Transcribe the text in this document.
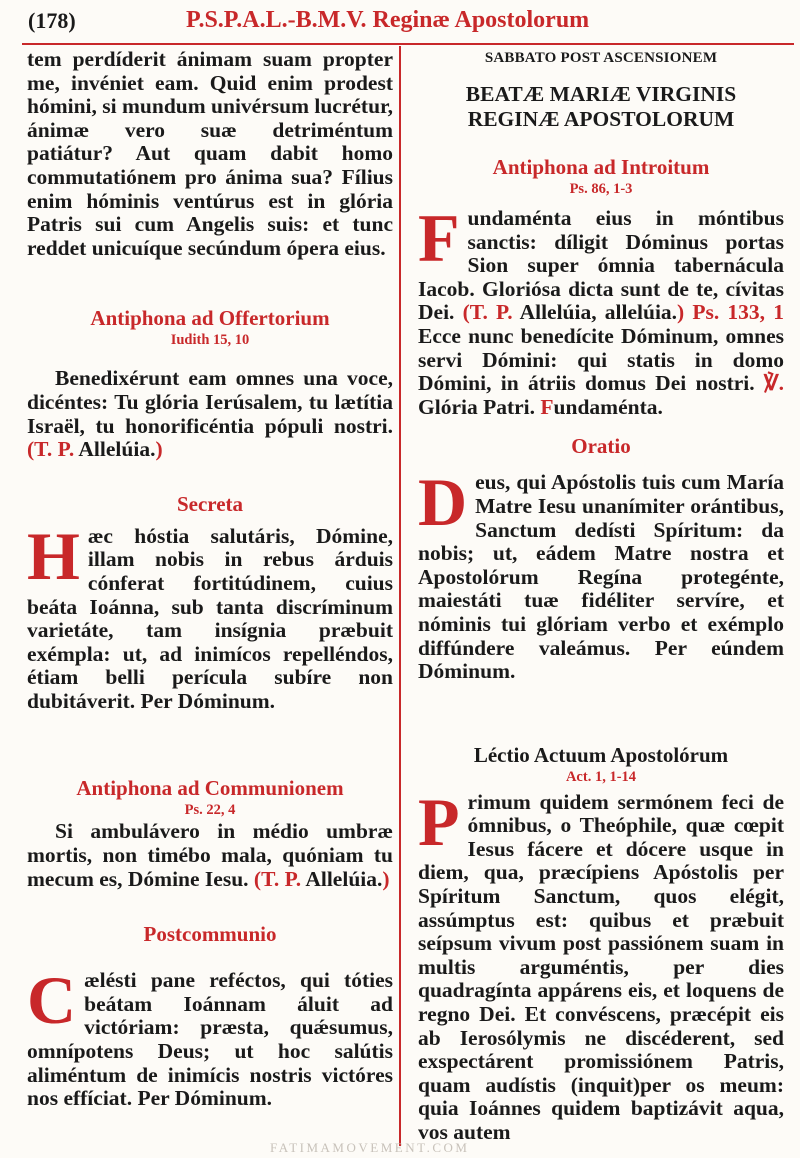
(178)	P.S.P.A.L.-B.M.V. Reginæ Apostolorum

tem perdíderit ánimam suam propter me, invéniet eam. Quid enim prodest hómini, si mundum univérsum lucrétur, ánimæ vero suæ detriméntum patiátur? Aut quam dabit homo commutatiónem pro ánima sua? Fílius enim hóminis ventúrus est in glória Patris sui cum Angelis suis: et tunc reddet unicuíque secúndum ópera eius.

Antiphona ad Offertorium

Iudith 15, 10

Benedixérunt eam omnes una voce, dicéntes: Tu glória Ierúsalem, tu lætítia Israël, tu honorificéntia pópuli nostri. (T. P. Allelúia.)

Secreta

Hæc hóstia salutáris, Dómine, illam nobis in rebus árduis cónferat fortitúdinem, cuius beáta Ioánna, sub tanta discríminum varietáte, tam insígnia præbuit exémpla: ut, ad inimícos repelléndos, étiam belli perícula subíre non dubitáverit. Per Dóminum.

Antiphona ad Communionem

Ps. 22, 4

Si ambulávero in médio umbræ mortis, non timébo mala, quóniam tu mecum es, Dómine Iesu. (T. P. Allelúia.)

Postcommunio

Cælésti pane reféctos, qui tóties beátam Ioánnam áluit ad victóriam: præsta, quǽsumus, omnípotens Deus; ut hoc salútis aliméntum de inimícis nostris victóres nos effíciat. Per Dóminum.

SABBATO POST ASCENSIONEM

BEATÆ MARIÆ VIRGINIS

REGINÆ APOSTOLORUM

Antiphona ad Introitum

Ps. 86, 1-3

Fundaménta eius in móntibus sanctis: díligit Dóminus portas Sion super ómnia tabernácula Iacob. Gloriósa dicta sunt de te, cívitas Dei. (T. P. Allelúia, allelúia.) Ps. 133, 1 Ecce nunc benedícite Dóminum, omnes servi Dómini: qui statis in domo Dómini, in átriis domus Dei nostri. ℣. Glória Patri. Fundaménta.

Oratio

Deus, qui Apóstolis tuis cum María Matre Iesu unanímiter orántibus, Sanctum dedísti Spíritum: da nobis; ut, eádem Matre nostra et Apostolórum Regína protegénte, maiestáti tuæ fidéliter servíre, et nóminis tui glóriam verbo et exémplo diffúndere valeámus. Per eúndem Dóminum.

Léctio Actuum Apostolórum

Act. 1, 1-14

Primum quidem sermónem feci de ómnibus, o Theóphile, quæ cœpit Iesus fácere et dócere usque in diem, qua, præcípiens Apóstolis per Spíritum Sanctum, quos elégit, assúmptus est: quibus et præbuit seípsum vivum post passiónem suam in multis arguméntis, per dies quadragínta appárens eis, et loquens de regno Dei. Et convéscens, præcépit eis ab Ierosólymis ne discéderent, sed exspectárent promissiónem Patris, quam audístis (inquit)per os meum: quia Ioánnes quidem baptizávit aqua, vos autem

FATIMAMOVEMENT.COM
